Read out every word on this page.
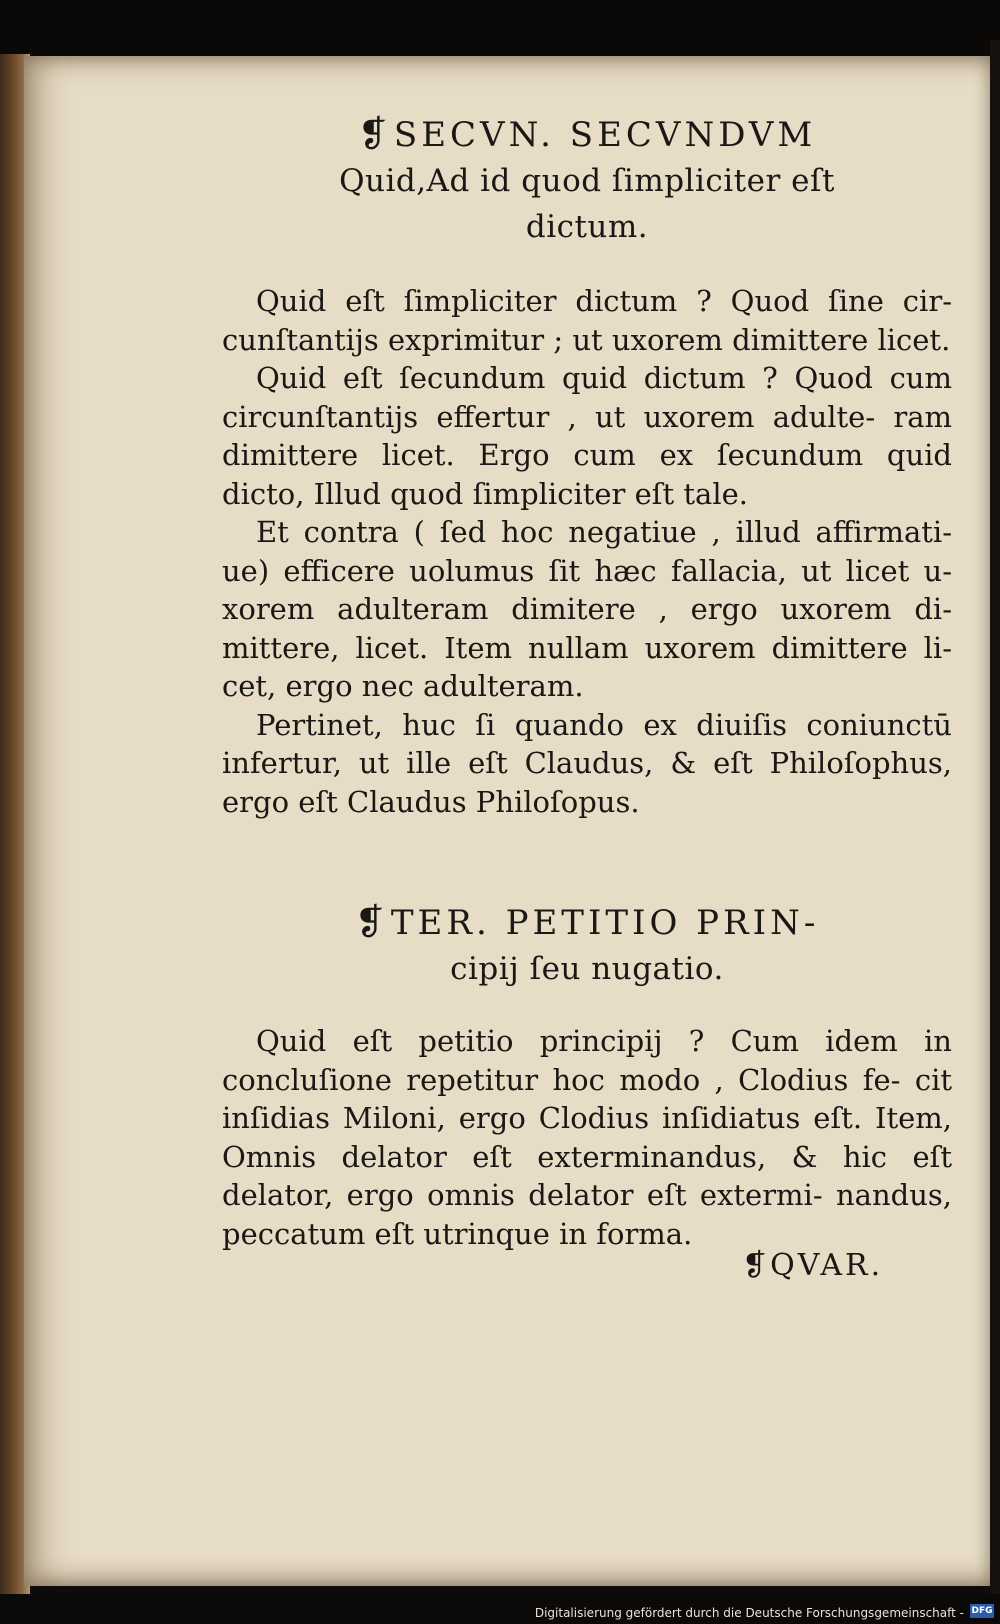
❡ SECVN. SECVNDVM
Quid,Ad id quod ſimpliciter eſt
dictum.

Quid eſt ſimpliciter dictum ? Quod ſine cir- cunſtantijs exprimitur ; ut uxorem dimittere licet.

Quid eſt ſecundum quid dictum ? Quod cum circunſtantijs effertur , ut uxorem adulte- ram dimittere licet. Ergo cum ex ſecundum quid dicto, Illud quod ſimpliciter eſt tale.

Et contra ( ſed hoc negatiue , illud affirmati- ue) efficere uolumus ſit hæc fallacia, ut licet u- xorem adulteram dimitere , ergo uxorem di- mittere, licet. Item nullam uxorem dimittere li- cet, ergo nec adulteram.

Pertinet, huc ſi quando ex diuiſis coniunctū infertur, ut ille eſt Claudus, & eſt Philoſophus, ergo eſt Claudus Philoſopus.

❡ TER. PETITIO PRIN-
cipij ſeu nugatio.

Quid eſt petitio principij ? Cum idem in concluſione repetitur hoc modo , Clodius fe- cit inſidias Miloni, ergo Clodius inſidiatus eſt. Item, Omnis delator eſt exterminandus, & hic eſt delator, ergo omnis delator eſt extermi- nandus, peccatum eſt utrinque in forma.

❡QVAR.
Digitalisierung gefördert durch die Deutsche Forschungsgemeinschaft - DFG
